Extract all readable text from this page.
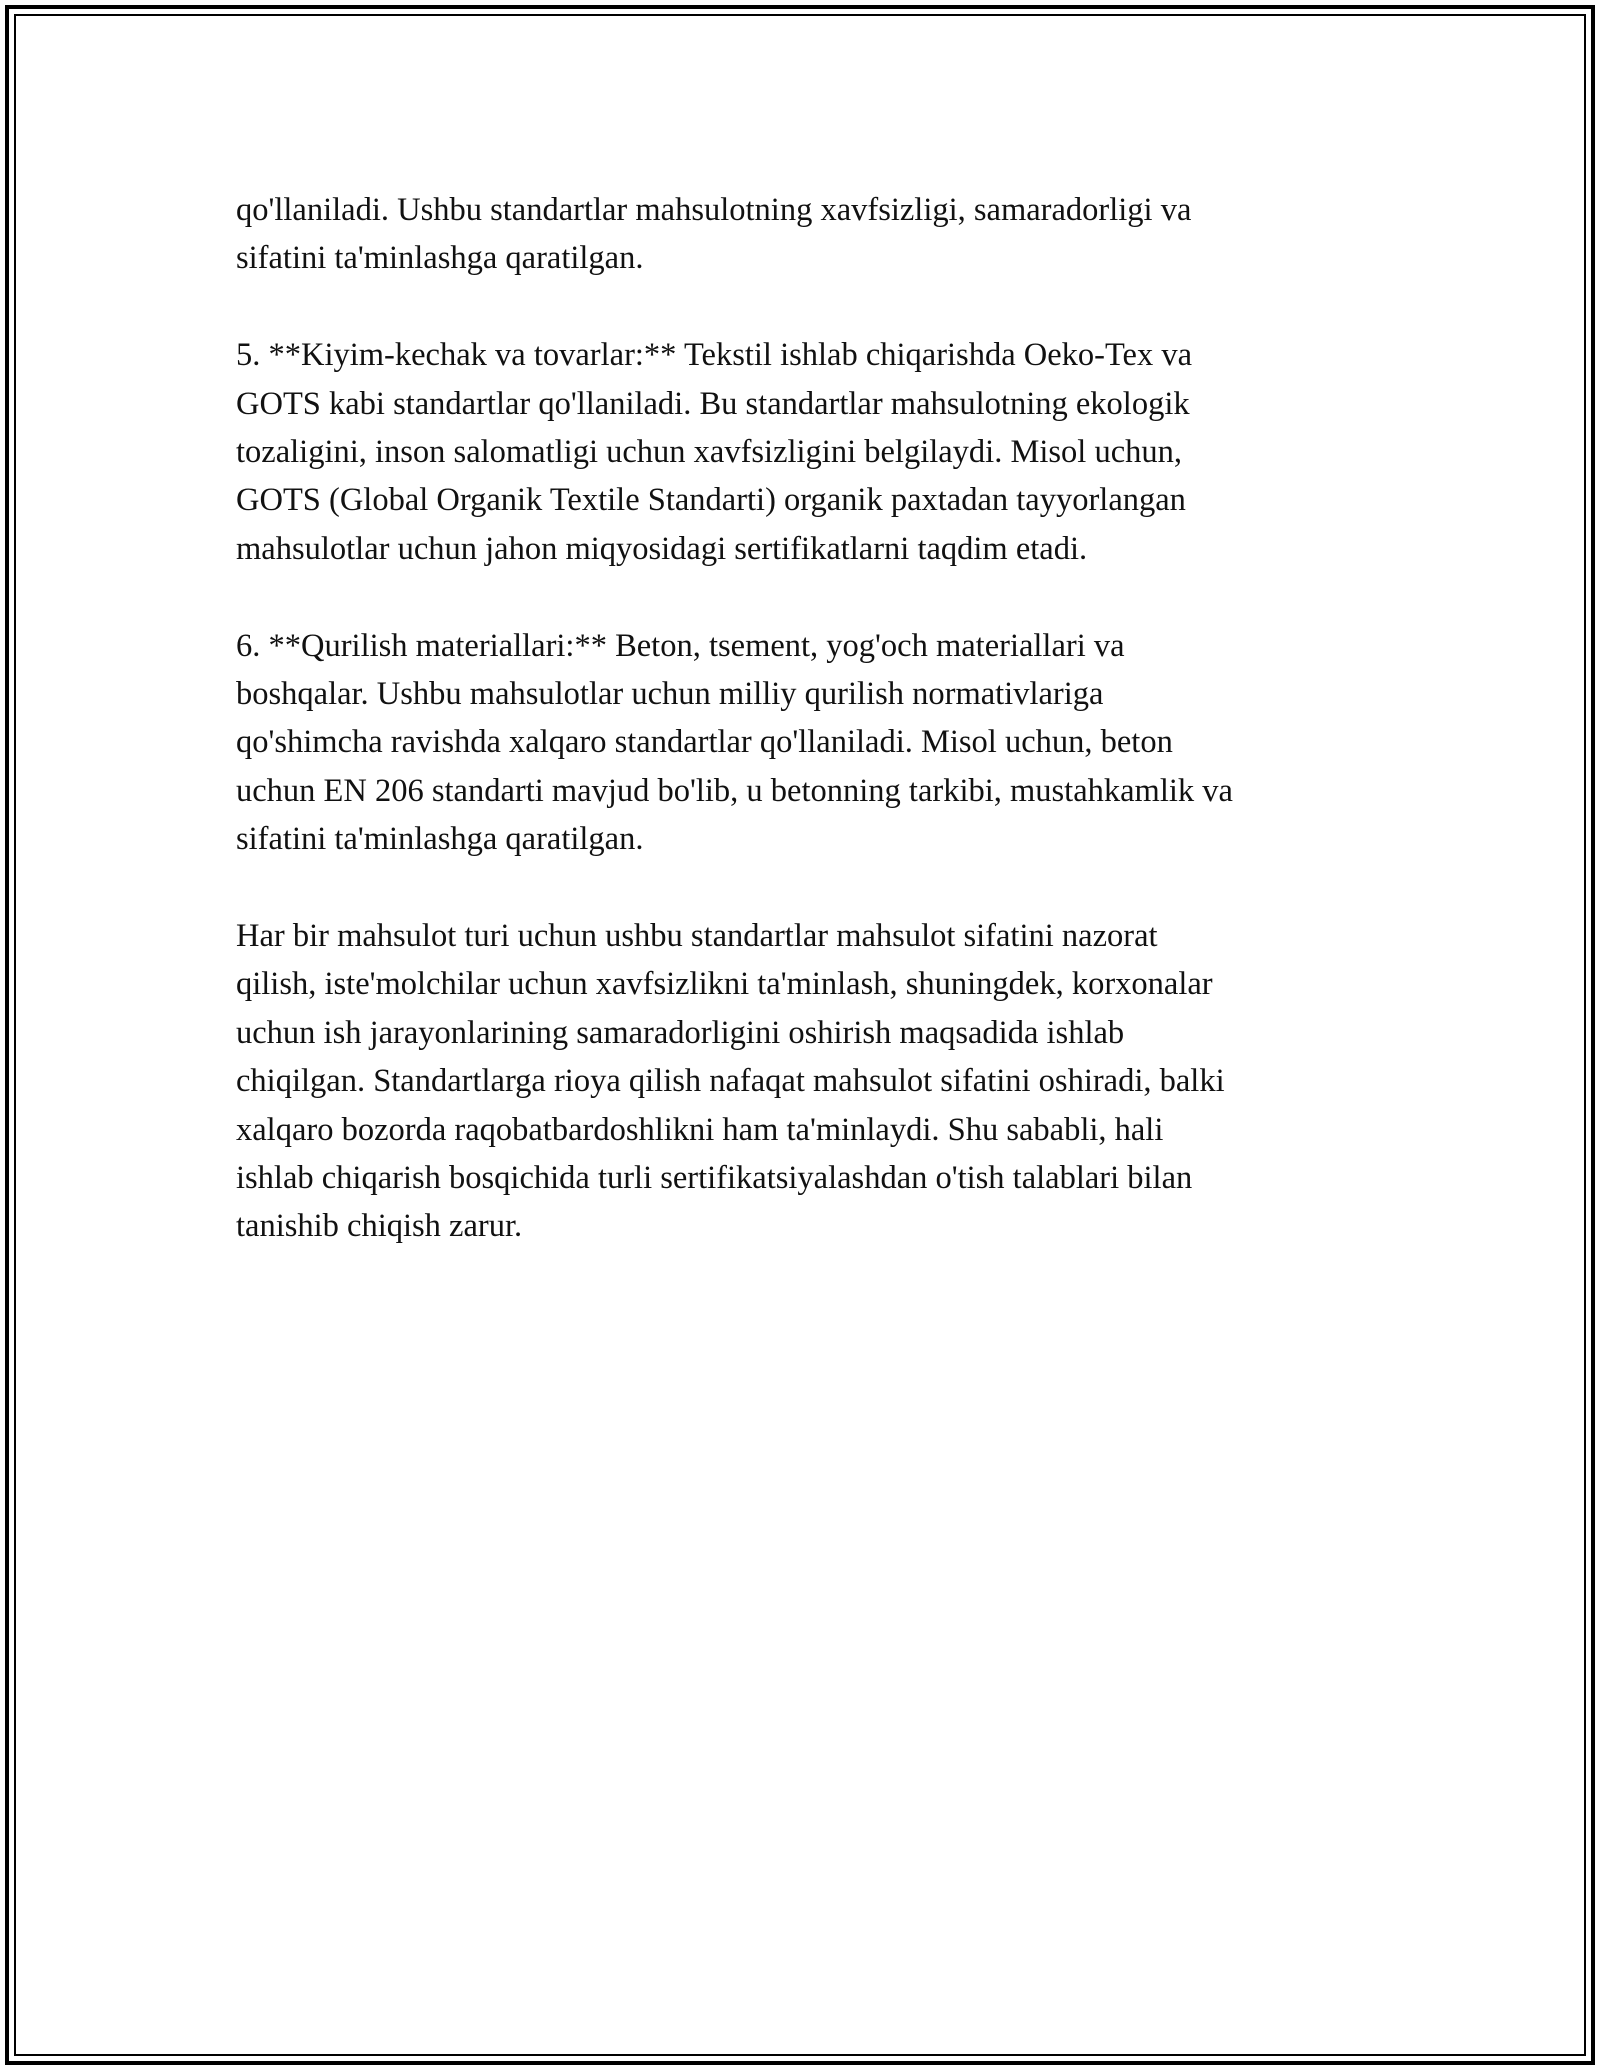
qo'llaniladi. Ushbu standartlar mahsulotning xavfsizligi, samaradorligi va
sifatini ta'minlashga qaratilgan.

5. **Kiyim-kechak va tovarlar:** Tekstil ishlab chiqarishda Oeko-Tex va
GOTS kabi standartlar qo'llaniladi. Bu standartlar mahsulotning ekologik
tozaligini, inson salomatligi uchun xavfsizligini belgilaydi. Misol uchun,
GOTS (Global Organik Textile Standarti) organik paxtadan tayyorlangan
mahsulotlar uchun jahon miqyosidagi sertifikatlarni taqdim etadi.

6. **Qurilish materiallari:** Beton, tsement, yog'och materiallari va
boshqalar. Ushbu mahsulotlar uchun milliy qurilish normativlariga
qo'shimcha ravishda xalqaro standartlar qo'llaniladi. Misol uchun, beton
uchun EN 206 standarti mavjud bo'lib, u betonning tarkibi, mustahkamlik va
sifatini ta'minlashga qaratilgan.

Har bir mahsulot turi uchun ushbu standartlar mahsulot sifatini nazorat
qilish, iste'molchilar uchun xavfsizlikni ta'minlash, shuningdek, korxonalar
uchun ish jarayonlarining samaradorligini oshirish maqsadida ishlab
chiqilgan. Standartlarga rioya qilish nafaqat mahsulot sifatini oshiradi, balki
xalqaro bozorda raqobatbardoshlikni ham ta'minlaydi. Shu sababli, hali
ishlab chiqarish bosqichida turli sertifikatsiyalashdan o'tish talablari bilan
tanishib chiqish zarur.
